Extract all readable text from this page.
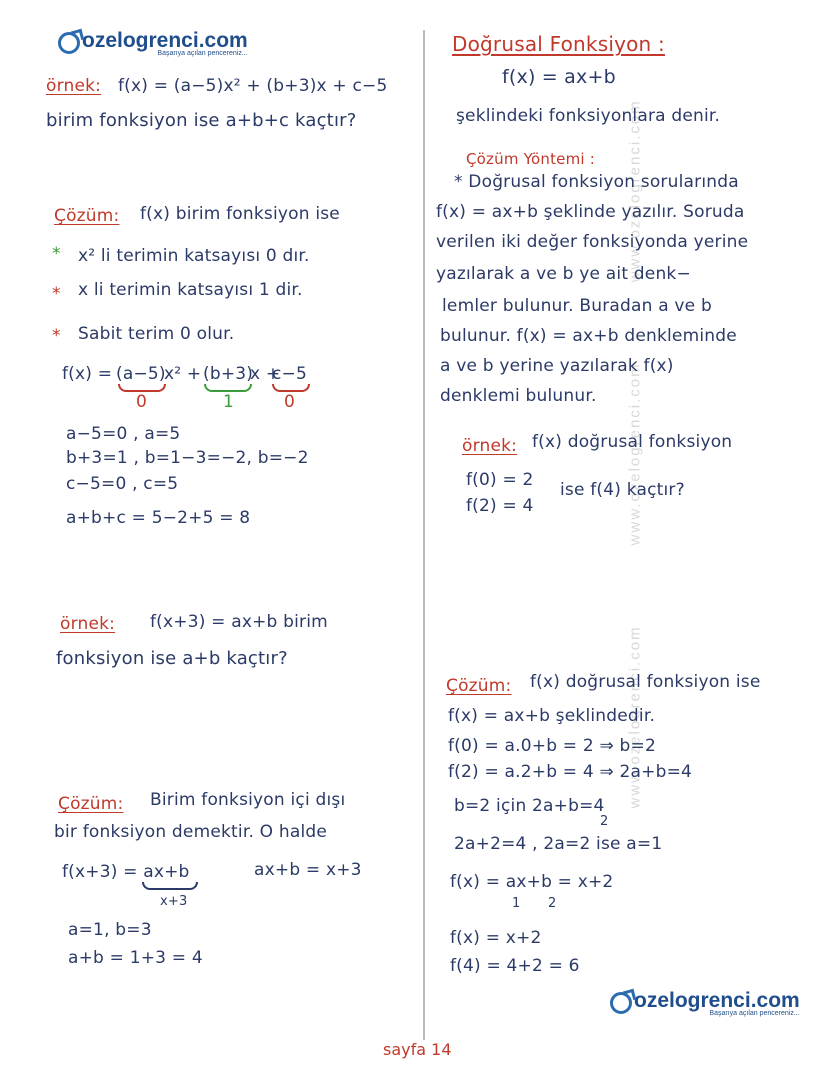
ozelogrenci.com
Başarıya açılan pencereniz...
www.ozelogrenci.comwww.ozelogrenci.comwww.ozelogrenci.com
örnek: f(x) = (a−5)x² + (b+3)x + c−5
birim fonksiyon ise a+b+c kaçtır?
Çözüm: f(x) birim fonksiyon ise
* x² li terimin katsayısı 0 dır.
* x li terimin katsayısı 1 dir.
* Sabit terim 0 olur.
f(x) = (a−5)
x² + (b+3)
x +
c−5
0	1	0
a−5=0 , a=5
b+3=1 , b=1−3=−2, b=−2
c−5=0 , c=5
a+b+c = 5−2+5 = 8
örnek: f(x+3) = ax+b birim
fonksiyon ise a+b kaçtır?
Çözüm: Birim fonksiyon içi dışı
bir fonksiyon demektir. O halde
f(x+3) = ax+b	ax+b = x+3
x+3
a=1, b=3
a+b = 1+3 = 4
Doğrusal Fonksiyon :
f(x) = ax+b
şeklindeki fonksiyonlara denir.
Çözüm Yöntemi :
* Doğrusal fonksiyon sorularında
f(x) = ax+b şeklinde yazılır. Soruda
verilen iki değer fonksiyonda yerine
yazılarak a ve b ye ait denk−
lemler bulunur. Buradan a ve b
bulunur. f(x) = ax+b denkleminde
a ve b yerine yazılarak f(x)
denklemi bulunur.
örnek: f(x) doğrusal fonksiyon
f(0) = 2
f(2) = 4
ise f(4) kaçtır?
Çözüm: f(x) doğrusal fonksiyon ise
f(x) = ax+b şeklindedir.
f(0) = a.0+b = 2 ⇒ b=2
f(2) = a.2+b = 4 ⇒ 2a+b=4
b=2 için 2a+b=4
2
2a+2=4 , 2a=2 ise a=1
f(x) = ax+b = x+2
1 2
f(x) = x+2
f(4) = 4+2 = 6
ozelogrenci.com
Başarıya açılan pencereniz...
sayfa 14
